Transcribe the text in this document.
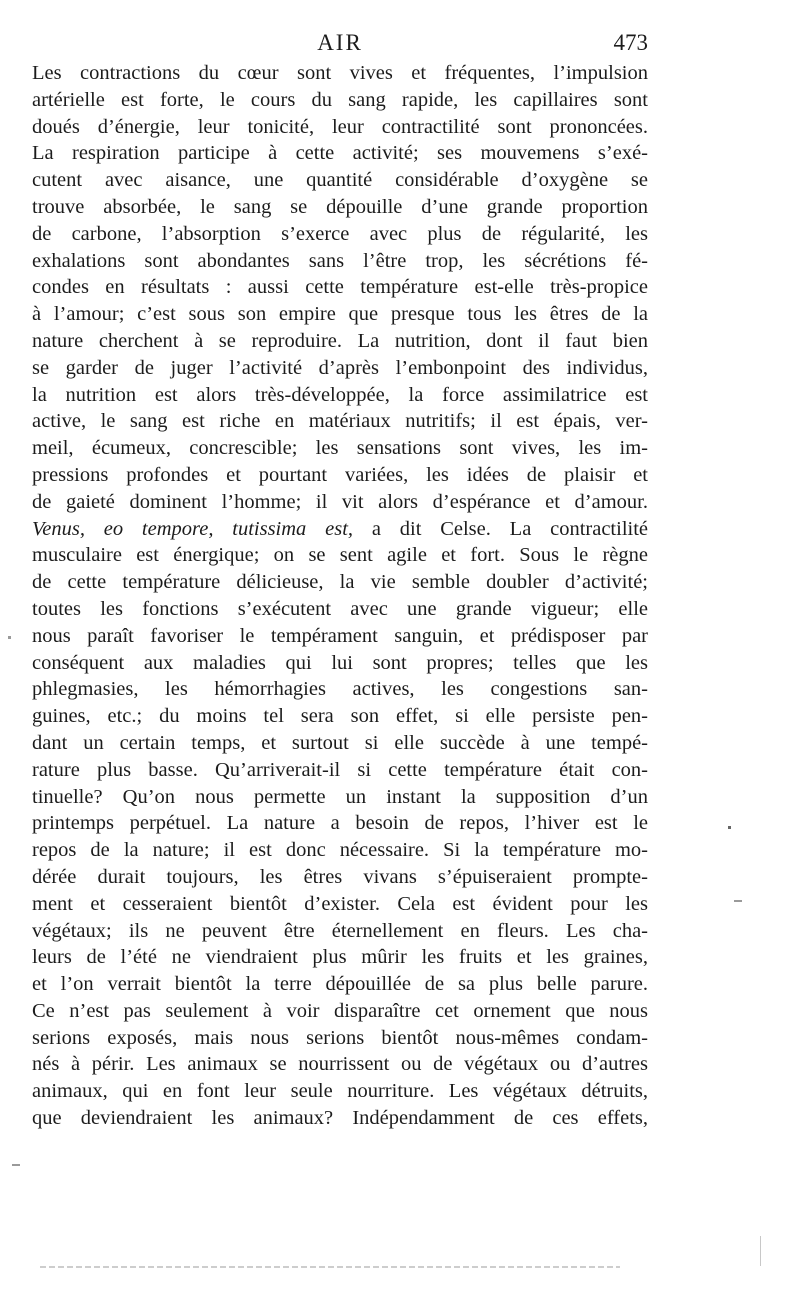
AIR	473
Les contractions du cœur sont vives et fréquentes, l’impulsion
artérielle est forte, le cours du sang rapide, les capillaires sont
doués d’énergie, leur tonicité, leur contractilité sont prononcées.
La respiration participe à cette activité; ses mouvemens s’exé-
cutent avec aisance, une quantité considérable d’oxygène se
trouve absorbée, le sang se dépouille d’une grande proportion
de carbone, l’absorption s’exerce avec plus de régularité, les
exhalations sont abondantes sans l’être trop, les sécrétions fé-
condes en résultats : aussi cette température est-elle très-propice
à l’amour; c’est sous son empire que presque tous les êtres de la
nature cherchent à se reproduire. La nutrition, dont il faut bien
se garder de juger l’activité d’après l’embonpoint des individus,
la nutrition est alors très-développée, la force assimilatrice est
active, le sang est riche en matériaux nutritifs; il est épais, ver-
meil, écumeux, concrescible; les sensations sont vives, les im-
pressions profondes et pourtant variées, les idées de plaisir et
de gaieté dominent l’homme; il vit alors d’espérance et d’amour.
Venus, eo tempore, tutissima est, a dit Celse. La contractilité
musculaire est énergique; on se sent agile et fort. Sous le règne
de cette température délicieuse, la vie semble doubler d’activité;
toutes les fonctions s’exécutent avec une grande vigueur; elle
nous paraît favoriser le tempérament sanguin, et prédisposer par
conséquent aux maladies qui lui sont propres; telles que les
phlegmasies, les hémorrhagies actives, les congestions san-
guines, etc.; du moins tel sera son effet, si elle persiste pen-
dant un certain temps, et surtout si elle succède à une tempé-
rature plus basse. Qu’arriverait-il si cette température était con-
tinuelle? Qu’on nous permette un instant la supposition d’un
printemps perpétuel. La nature a besoin de repos, l’hiver est le
repos de la nature; il est donc nécessaire. Si la température mo-
dérée durait toujours, les êtres vivans s’épuiseraient prompte-
ment et cesseraient bientôt d’exister. Cela est évident pour les
végétaux; ils ne peuvent être éternellement en fleurs. Les cha-
leurs de l’été ne viendraient plus mûrir les fruits et les graines,
et l’on verrait bientôt la terre dépouillée de sa plus belle parure.
Ce n’est pas seulement à voir disparaître cet ornement que nous
serions exposés, mais nous serions bientôt nous-mêmes condam-
nés à périr. Les animaux se nourrissent ou de végétaux ou d’autres
animaux, qui en font leur seule nourriture. Les végétaux détruits,
que deviendraient les animaux? Indépendamment de ces effets,
